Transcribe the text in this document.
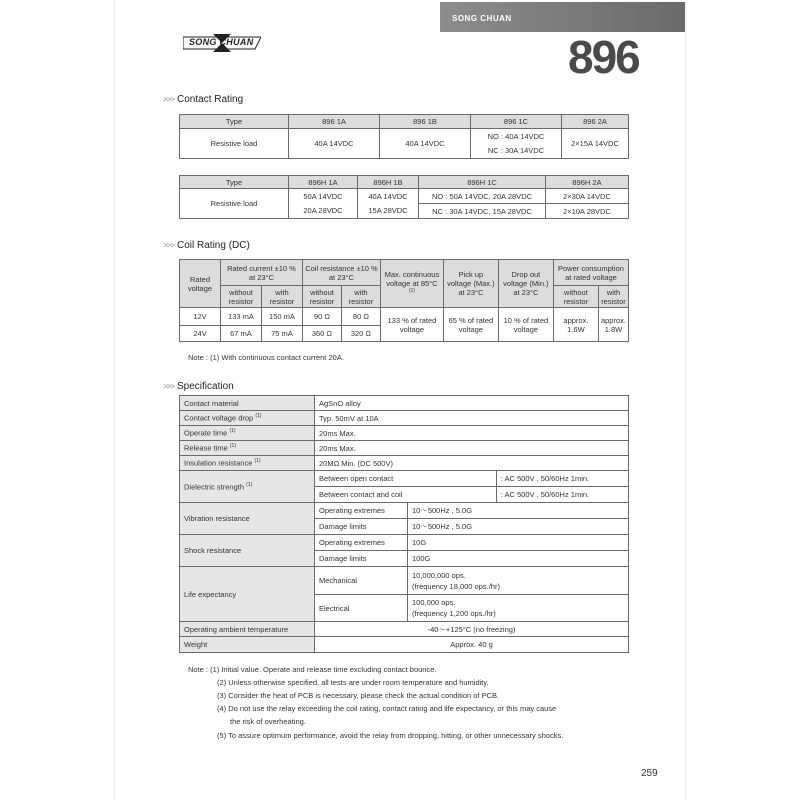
SONG CHUAN
SONG CHUAN	896
>>> Contact Rating
Type	896 1A	896 1B	896 1C	896 2A
Resistive load	40A 14VDC	40A 14VDC	NO : 40A 14VDC	2×15A 14VDC
			NC : 30A 14VDC	
Type	896H 1A	896H 1B	896H 1C	896H 2A
Resistive load	50A 14VDC	40A 14VDC	NO : 50A 14VDC, 20A 28VDC	2×30A 14VDC
	20A 28VDC	15A 28VDC	NC : 30A 14VDC, 15A 28VDC	2×10A 28VDC
>>> Coil Rating (DC)
Rated voltage	Rated current ±10 % at 23°C		Coil resistance ±10 % at 23°C		Max. continuous voltage at 85°C $^{(1)}$	Pick up voltage (Max.) at 23°C	Drop out voltage (Min.) at 23°C	Power consumption at rated voltage	
	without resistor	with resistor	without resistor	with resistor				without resistor	with resistor
12V	133 mA	150 mA	90 Ω	80 Ω	133 % of rated voltage	65 % of rated voltage	10 % of rated voltage	approx. 1.6W	approx. 1.8W
24V	67 mA	75 mA	360 Ω	320 Ω					
Note : (1) With continuous contact current 20A.
>>> Specification
Contact material	AgSnO alloy		
Contact voltage drop $^{(1)}$	Typ. 50mV at 10A		
Operate time $^{(1)}$	20ms Max.		
Release time $^{(1)}$	20ms Max.		
Insulation resistance $^{(1)}$	20MΩ Min. (DC 500V)		
Dielectric strength $^{(1)}$	Between open contact		: AC 500V , 50/60Hz 1min.
	Between contact and coil		: AC 500V , 50/60Hz 1min.
Vibration resistance	Operating extremes	10～500Hz , 5.0G	
	Damage limits	10～500Hz , 5.0G	
Shock resistance	Operating extremes	10G	
	Damage limits	100G	
Life expectancy	Mechanical	10,000,000 ops.
(frequency 18,000 ops./hr)	
	Electrical	100,000 ops.
(frequency 1,200 ops./hr)	
Operating ambient temperature	-40～+125°C (no freezing)		
Weight	Approx. 40 g		
Note : (1) Initial value. Operate and release time excluding contact bounce.
(2) Unless otherwise specified, all tests are under room temperature and humidity.
(3) Consider the heat of PCB is necessary, please check the actual condition of PCB.
(4) Do not use the relay exceeding the coil rating, contact rating and life expectancy, or this may cause
the risk of overheating.
(5) To assure optimum performance, avoid the relay from dropping, hitting, or other unnecessary shocks.
259
